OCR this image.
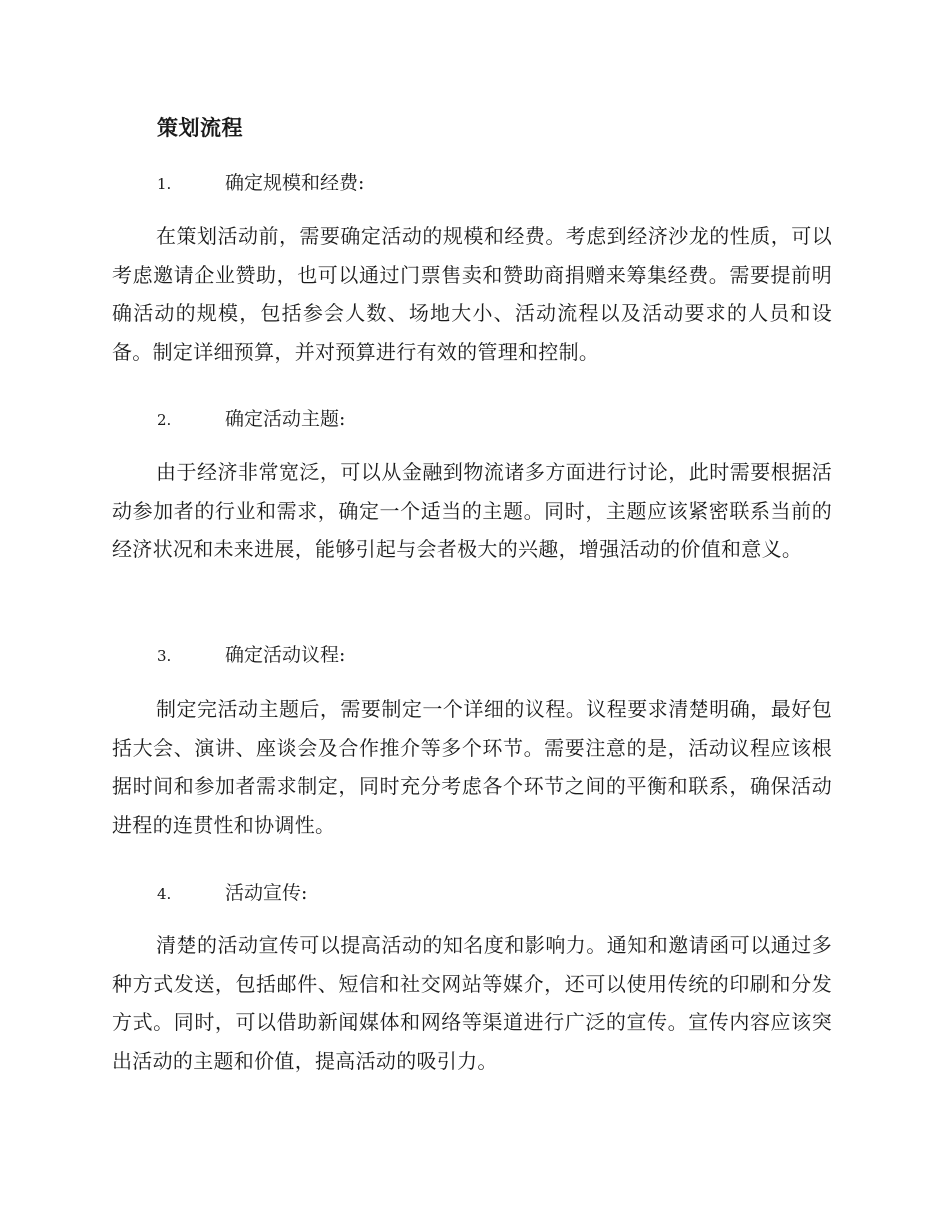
策划流程
1.	确定规模和经费:

在策划活动前，需要确定活动的规模和经费。考虑到经济沙龙的性质，可以考虑邀请企业赞助，也可以通过门票售卖和赞助商捐赠来筹集经费。需要提前明确活动的规模，包括参会人数、场地大小、活动流程以及活动要求的人员和设备。制定详细预算，并对预算进行有效的管理和控制。

2.	确定活动主题:

由于经济非常宽泛，可以从金融到物流诸多方面进行讨论，此时需要根据活动参加者的行业和需求，确定一个适当的主题。同时，主题应该紧密联系当前的经济状况和未来进展，能够引起与会者极大的兴趣，增强活动的价值和意义。

3.	确定活动议程:

制定完活动主题后，需要制定一个详细的议程。议程要求清楚明确，最好包括大会、演讲、座谈会及合作推介等多个环节。需要注意的是，活动议程应该根据时间和参加者需求制定，同时充分考虑各个环节之间的平衡和联系，确保活动进程的连贯性和协调性。

4.	活动宣传:

清楚的活动宣传可以提高活动的知名度和影响力。通知和邀请函可以通过多种方式发送，包括邮件、短信和社交网站等媒介，还可以使用传统的印刷和分发方式。同时，可以借助新闻媒体和网络等渠道进行广泛的宣传。宣传内容应该突出活动的主题和价值，提高活动的吸引力。
